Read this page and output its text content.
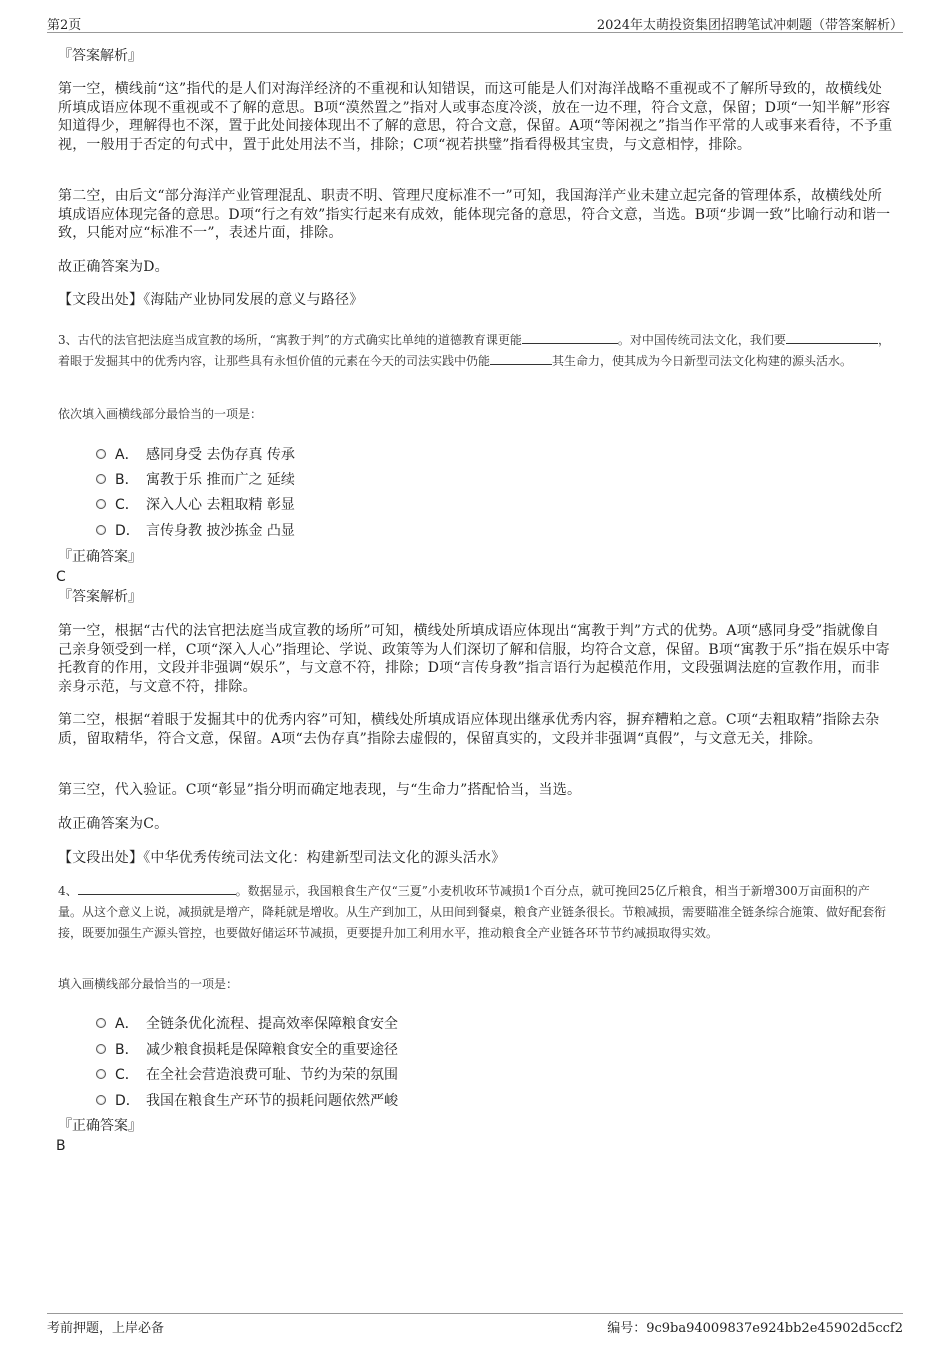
第2页	2024年太萌投资集团招聘笔试冲刺题（带答案解析）
『答案解析』
第一空，横线前“这”指代的是人们对海洋经济的不重视和认知错误，而这可能是人们对海洋战略不重视或不了解所导致的，故横线处所填成语应体现不重视或不了解的意思。B项“漠然置之”指对人或事态度冷淡，放在一边不理，符合文意，保留；D项“一知半解”形容知道得少，理解得也不深，置于此处间接体现出不了解的意思，符合文意，保留。A项“等闲视之”指当作平常的人或事来看待，不予重视，一般用于否定的句式中，置于此处用法不当，排除；C项“视若拱璧”指看得极其宝贵，与文意相悖，排除。
第二空，由后文“部分海洋产业管理混乱、职责不明、管理尺度标准不一”可知，我国海洋产业未建立起完备的管理体系，故横线处所填成语应体现完备的意思。D项“行之有效”指实行起来有成效，能体现完备的意思，符合文意，当选。B项“步调一致”比喻行动和谐一致，只能对应“标准不一”，表述片面，排除。
故正确答案为D。
【文段出处】《海陆产业协同发展的意义与路径》
3、古代的法官把法庭当成宣教的场所，“寓教于判”的方式确实比单纯的道德教育课更能	。对中国传统司法文化，我们要	，着眼于发掘其中的优秀内容，让那些具有永恒价值的元素在今天的司法实践中仍能	其生命力，使其成为今日新型司法文化构建的源头活水。
依次填入画横线部分最恰当的一项是：
A． 感同身受 去伪存真 传承
B． 寓教于乐 推而广之 延续
C． 深入人心 去粗取精 彰显
D． 言传身教 披沙拣金 凸显
『正确答案』
C
『答案解析』
第一空，根据“古代的法官把法庭当成宣教的场所”可知，横线处所填成语应体现出“寓教于判”方式的优势。A项“感同身受”指就像自己亲身领受到一样，C项“深入人心”指理论、学说、政策等为人们深切了解和信服，均符合文意，保留。B项“寓教于乐”指在娱乐中寄托教育的作用，文段并非强调“娱乐”，与文意不符，排除；D项“言传身教”指言语行为起模范作用，文段强调法庭的宣教作用，而非亲身示范，与文意不符，排除。
第二空，根据“着眼于发掘其中的优秀内容”可知，横线处所填成语应体现出继承优秀内容，摒弃糟粕之意。C项“去粗取精”指除去杂质，留取精华，符合文意，保留。A项“去伪存真”指除去虚假的，保留真实的，文段并非强调“真假”，与文意无关，排除。
第三空，代入验证。C项“彰显”指分明而确定地表现，与“生命力”搭配恰当，当选。
故正确答案为C。
【文段出处】《中华优秀传统司法文化：构建新型司法文化的源头活水》
4、	。数据显示，我国粮食生产仅“三夏”小麦机收环节减损1个百分点，就可挽回25亿斤粮食，相当于新增300万亩面积的产量。从这个意义上说，减损就是增产，降耗就是增收。从生产到加工，从田间到餐桌，粮食产业链条很长。节粮减损，需要瞄准全链条综合施策、做好配套衔接，既要加强生产源头管控，也要做好储运环节减损，更要提升加工利用水平，推动粮食全产业链各环节节约减损取得实效。
填入画横线部分最恰当的一项是：
A． 全链条优化流程、提高效率保障粮食安全
B． 减少粮食损耗是保障粮食安全的重要途径
C． 在全社会营造浪费可耻、节约为荣的氛围
D． 我国在粮食生产环节的损耗问题依然严峻
『正确答案』
B
考前押题，上岸必备	编号：9c9ba94009837e924bb2e45902d5ccf2
